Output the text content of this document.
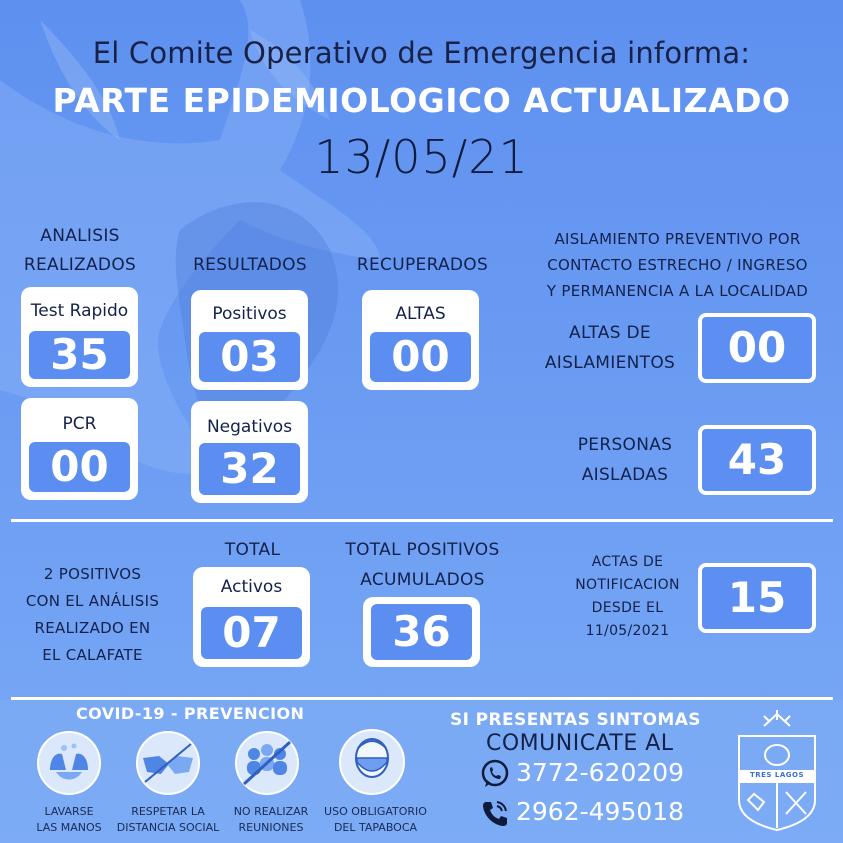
El Comite Operativo de Emergencia informa:
PARTE EPIDEMIOLOGICO ACTUALIZADO
13/05/21
ANALISIS
REALIZADOS
Test Rapido
35
PCR
00
RESULTADOS
Positivos
03
Negativos
32
RECUPERADOS
ALTAS
00
AISLAMIENTO PREVENTIVO POR
CONTACTO ESTRECHO / INGRESO
Y PERMANENCIA A LA LOCALIDAD
ALTAS DE
AISLAMIENTOS	00
PERSONAS
AISLADAS	43
2 POSITIVOS
CON EL ANÁLISIS
REALIZADO EN
EL CALAFATE
TOTAL
Activos
07
TOTAL POSITIVOS
ACUMULADOS
36
ACTAS DE
NOTIFICACION
DESDE EL
11/05/2021
15
COVID-19 - PREVENCION
LAVARSE
LAS MANOS
RESPETAR LA
DISTANCIA SOCIAL
NO REALIZAR
REUNIONES
USO OBLIGATORIO
DEL TAPABOCA
SI PRESENTAS SINTOMAS
COMUNICATE AL
3772-620209
2962-495018
TRES LAGOS
